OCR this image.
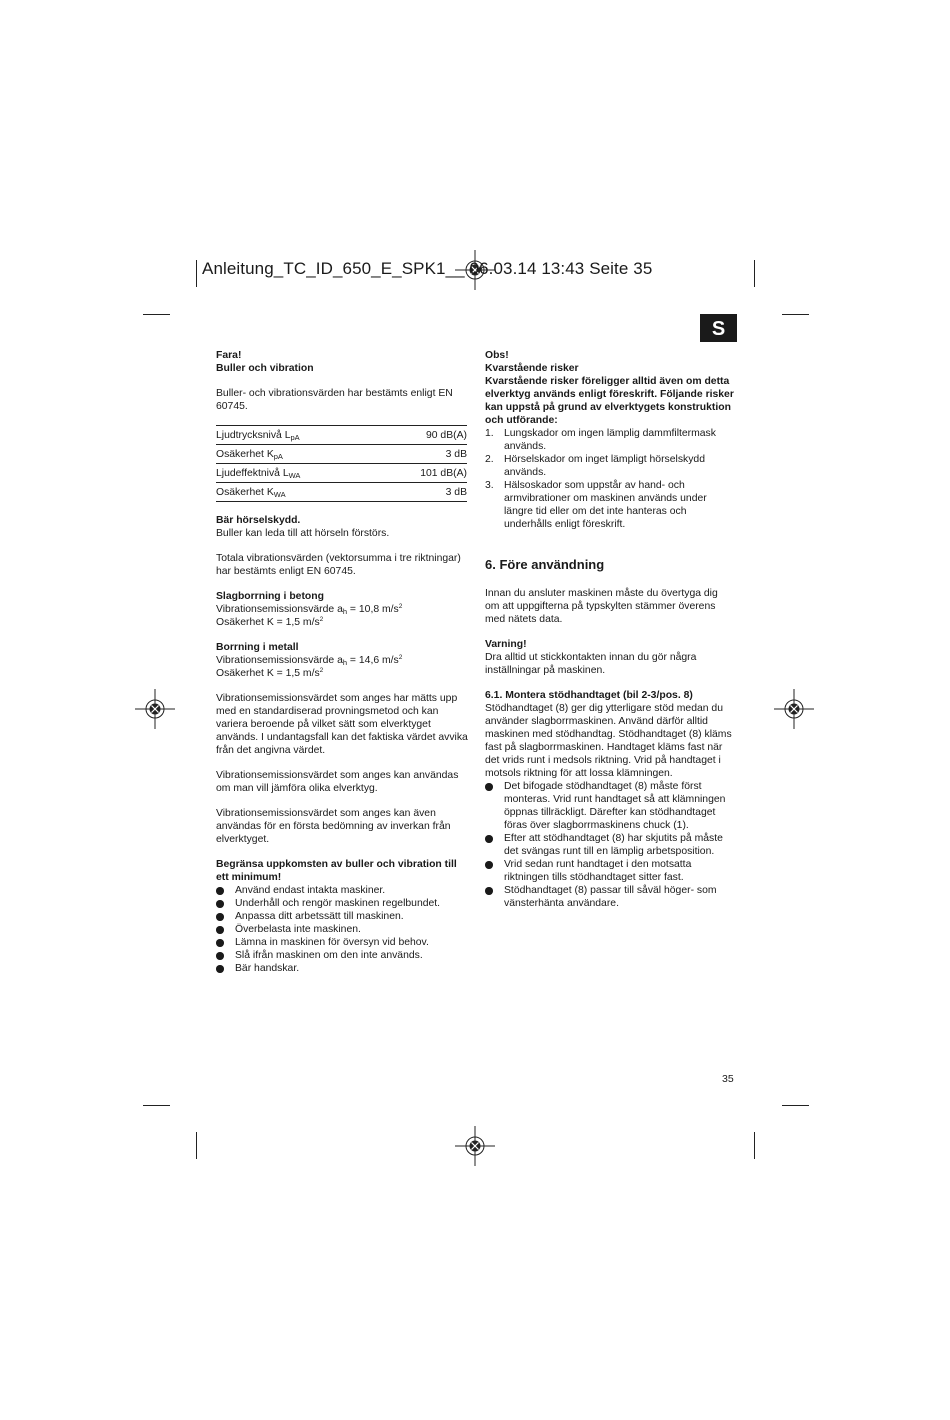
Anleitung_TC_ID_650_E_SPK1__ 06.03.14 13:43 Seite 35
S

Fara!

Buller och vibration

Buller- och vibrationsvärden har bestämts enligt EN 60745.

Ljudtrycksnivå $L_{pA}$	90 dB(A)
Osäkerhet $K_{pA}$	3 dB
Ljudeffektnivå $L_{WA}$	101 dB(A)
Osäkerhet $K_{WA}$	3 dB

Bär hörselskydd.

Buller kan leda till att hörseln förstörs.

Totala vibrationsvärden (vektorsumma i tre riktningar) har bestämts enligt EN 60745.

Slagborrning i betong

Vibrationsemissionsvärde $a_h = 10,8$ $m/s^2$

Osäkerhet K = 1,5 $m/s^2$

Borrning i metall

Vibrationsemissionsvärde $a_h = 14,6$ $m/s^2$

Osäkerhet K = 1,5 $m/s^2$

Vibrationsemissionsvärdet som anges har mätts upp med en standardiserad provningsmetod och kan variera beroende på vilket sätt som elverktyget används. I undantagsfall kan det faktiska värdet avvika från det angivna värdet.

Vibrationsemissionsvärdet som anges kan användas om man vill jämföra olika elverktyg.

Vibrationsemissionsvärdet som anges kan även användas för en första bedömning av inverkan från elverktyget.

Begränsa uppkomsten av buller och vibration till ett minimum!

Använd endast intakta maskiner.
Underhåll och rengör maskinen regelbundet.
Anpassa ditt arbetssätt till maskinen.
Överbelasta inte maskinen.
Lämna in maskinen för översyn vid behov.
Slå ifrån maskinen om den inte används.
Bär handskar.

Obs!

Kvarstående risker

Kvarstående risker föreligger alltid även om detta elverktyg används enligt föreskrift. Följande risker kan uppstå på grund av elverktygets konstruktion och utförande:

1. Lungskador om ingen lämplig dammfiltermask används.
2. Hörselskador om inget lämpligt hörselskydd används.
3. Hälsoskador som uppstår av hand- och armvibrationer om maskinen används under längre tid eller om det inte hanteras och underhålls enligt föreskrift.

6. Före användning

Innan du ansluter maskinen måste du övertyga dig om att uppgifterna på typskylten stämmer överens med nätets data.

Varning!

Dra alltid ut stickkontakten innan du gör några inställningar på maskinen.

6.1. Montera stödhandtaget (bil 2-3/pos. 8)

Stödhandtaget (8) ger dig ytterligare stöd medan du använder slagborrmaskinen. Använd därför alltid maskinen med stödhandtag. Stödhandtaget (8) kläms fast på slagborrmaskinen. Handtaget kläms fast när det vrids runt i medsols riktning. Vrid på handtaget i motsols riktning för att lossa klämningen.

Det bifogade stödhandtaget (8) måste först monteras. Vrid runt handtaget så att klämningen öppnas tillräckligt. Därefter kan stödhandtaget föras över slagborrmaskinens chuck (1).
Efter att stödhandtaget (8) har skjutits på måste det svängas runt till en lämplig arbetsposition.
Vrid sedan runt handtaget i den motsatta riktningen tills stödhandtaget sitter fast.
Stödhandtaget (8) passar till såväl höger- som vänsterhänta användare.
35
